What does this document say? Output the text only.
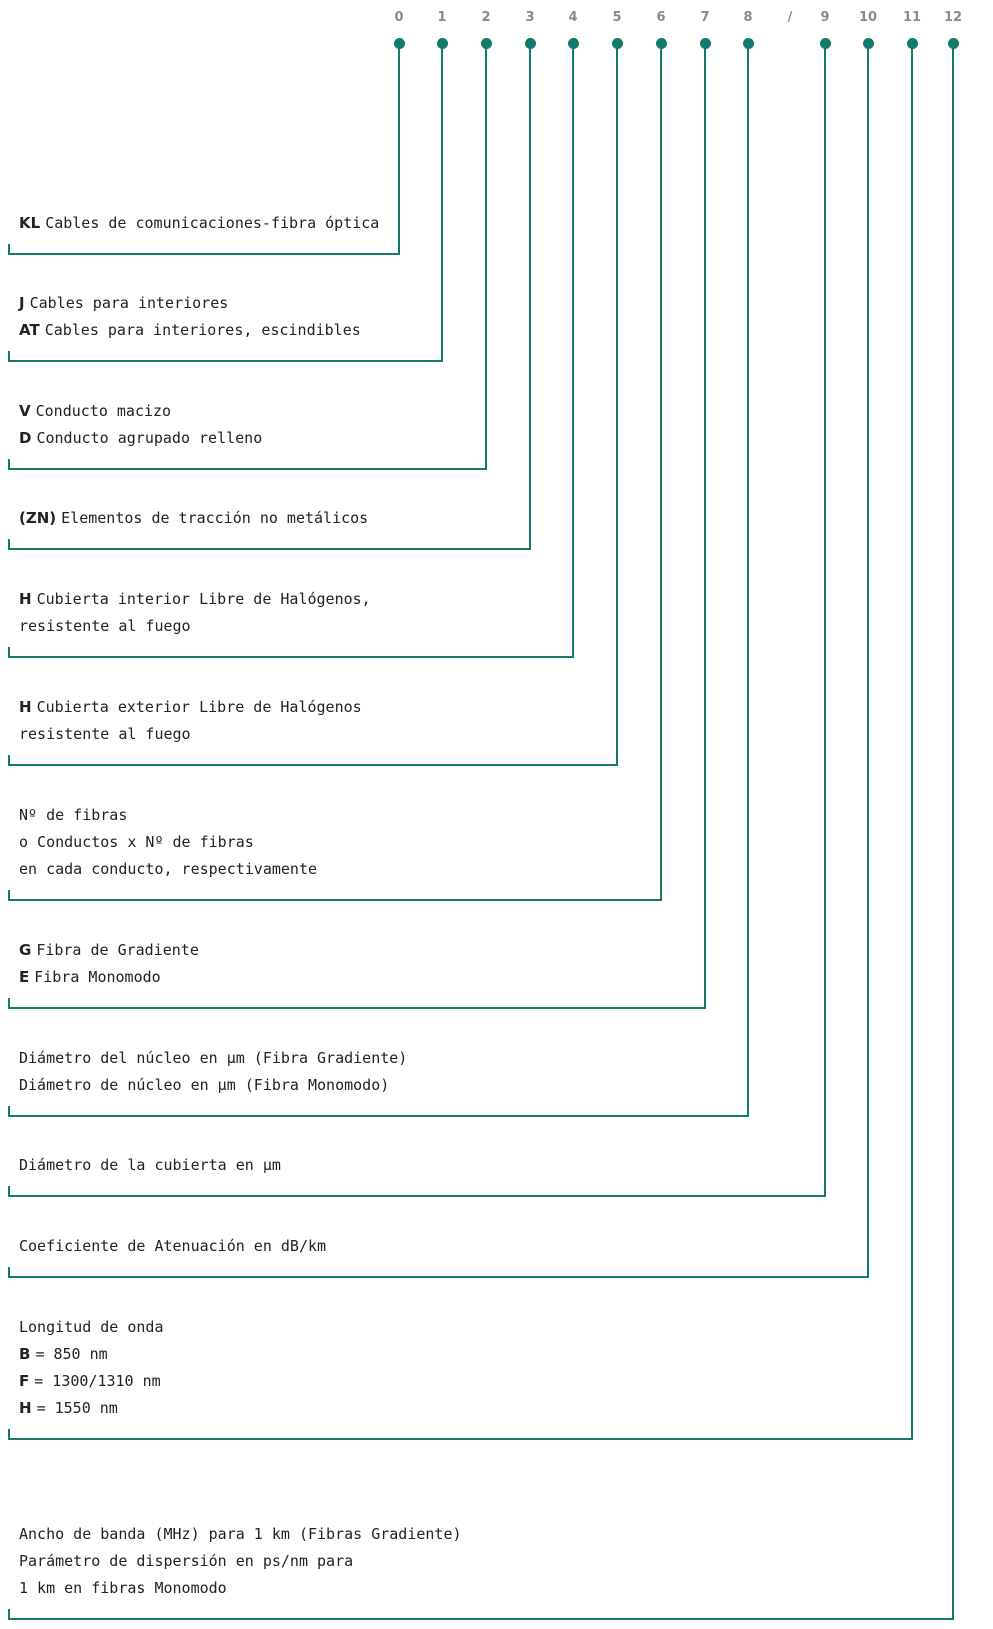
0	1	2	3	4	5	6	7	8	9	10	11	12
/
KL Cables de comunicaciones-fibra óptica
J Cables para interiores
AT Cables para interiores, escindibles
V Conducto macizo
D Conducto agrupado relleno
(ZN) Elementos de tracción no metálicos
H Cubierta interior Libre de Halógenos,
resistente al fuego
H Cubierta exterior Libre de Halógenos
resistente al fuego
Nº de fibras
o Conductos x Nº de fibras
en cada conducto, respectivamente
G Fibra de Gradiente
E Fibra Monomodo
Diámetro del núcleo en µm (Fibra Gradiente)
Diámetro de núcleo en µm (Fibra Monomodo)
Diámetro de la cubierta en µm
Coeficiente de Atenuación en dB/km
Longitud de onda
B = 850 nm
F = 1300/1310 nm
H = 1550 nm
Ancho de banda (MHz) para 1 km (Fibras Gradiente)
Parámetro de dispersión en ps/nm para
1 km en fibras Monomodo
